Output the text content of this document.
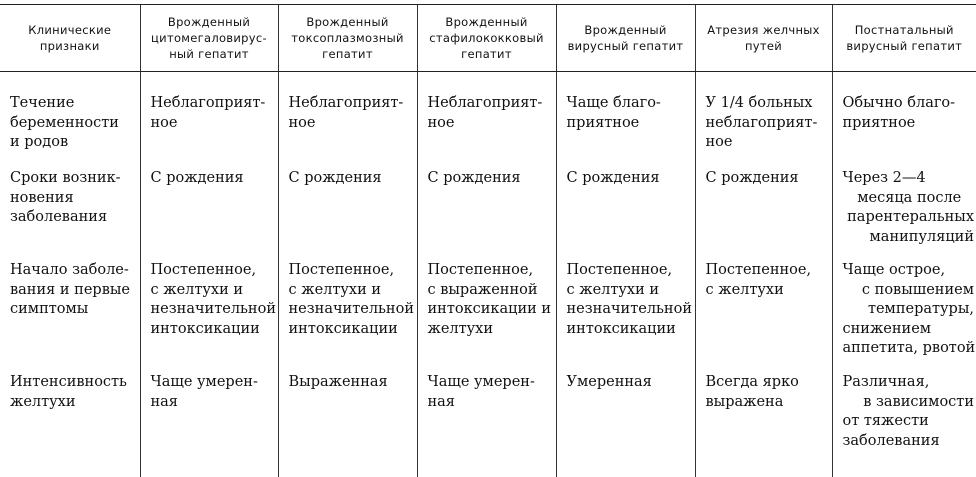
Клинические
признаки	Врожденный
цитомегаловирус-
ный гепатит	Врожденный
токсоплазмозный
гепатит	Врожденный
стафилококковый
гепатит	Врожденный
вирусный гепатит	Атрезия желчных
путей	Постнатальный
вирусный гепатит

Течение
беременности
и родов	Неблагоприят-
ное	Неблагоприят-
ное	Неблагоприят-
ное	Чаще благо-
приятное	У 1/4 больных
неблагоприят-
ное	Обычно благо-
приятное

Сроки возник-
новения
заболевания	С рождения	С рождения	С рождения	С рождения	С рождения	Через 2—4
месяца после
парентеральных
манипуляций

Начало заболе-
вания и первые
симптомы	Постепенное,
с желтухи и
незначительной
интоксикации	Постепенное,
с желтухи и
незначительной
интоксикации	Постепенное,
с выраженной
интоксикации и
желтухи	Постепенное,
с желтухи и
незначительной
интоксикации	Постепенное,
с желтухи	Чаще острое,
с повышением
температуры,
снижением
аппетита, рвотой

Интенсивность
желтухи	Чаще умерен-
ная	Выраженная	Чаще умерен-
ная	Умеренная	Всегда ярко
выражена	Различная,
в зависимости
от тяжести
заболевания
